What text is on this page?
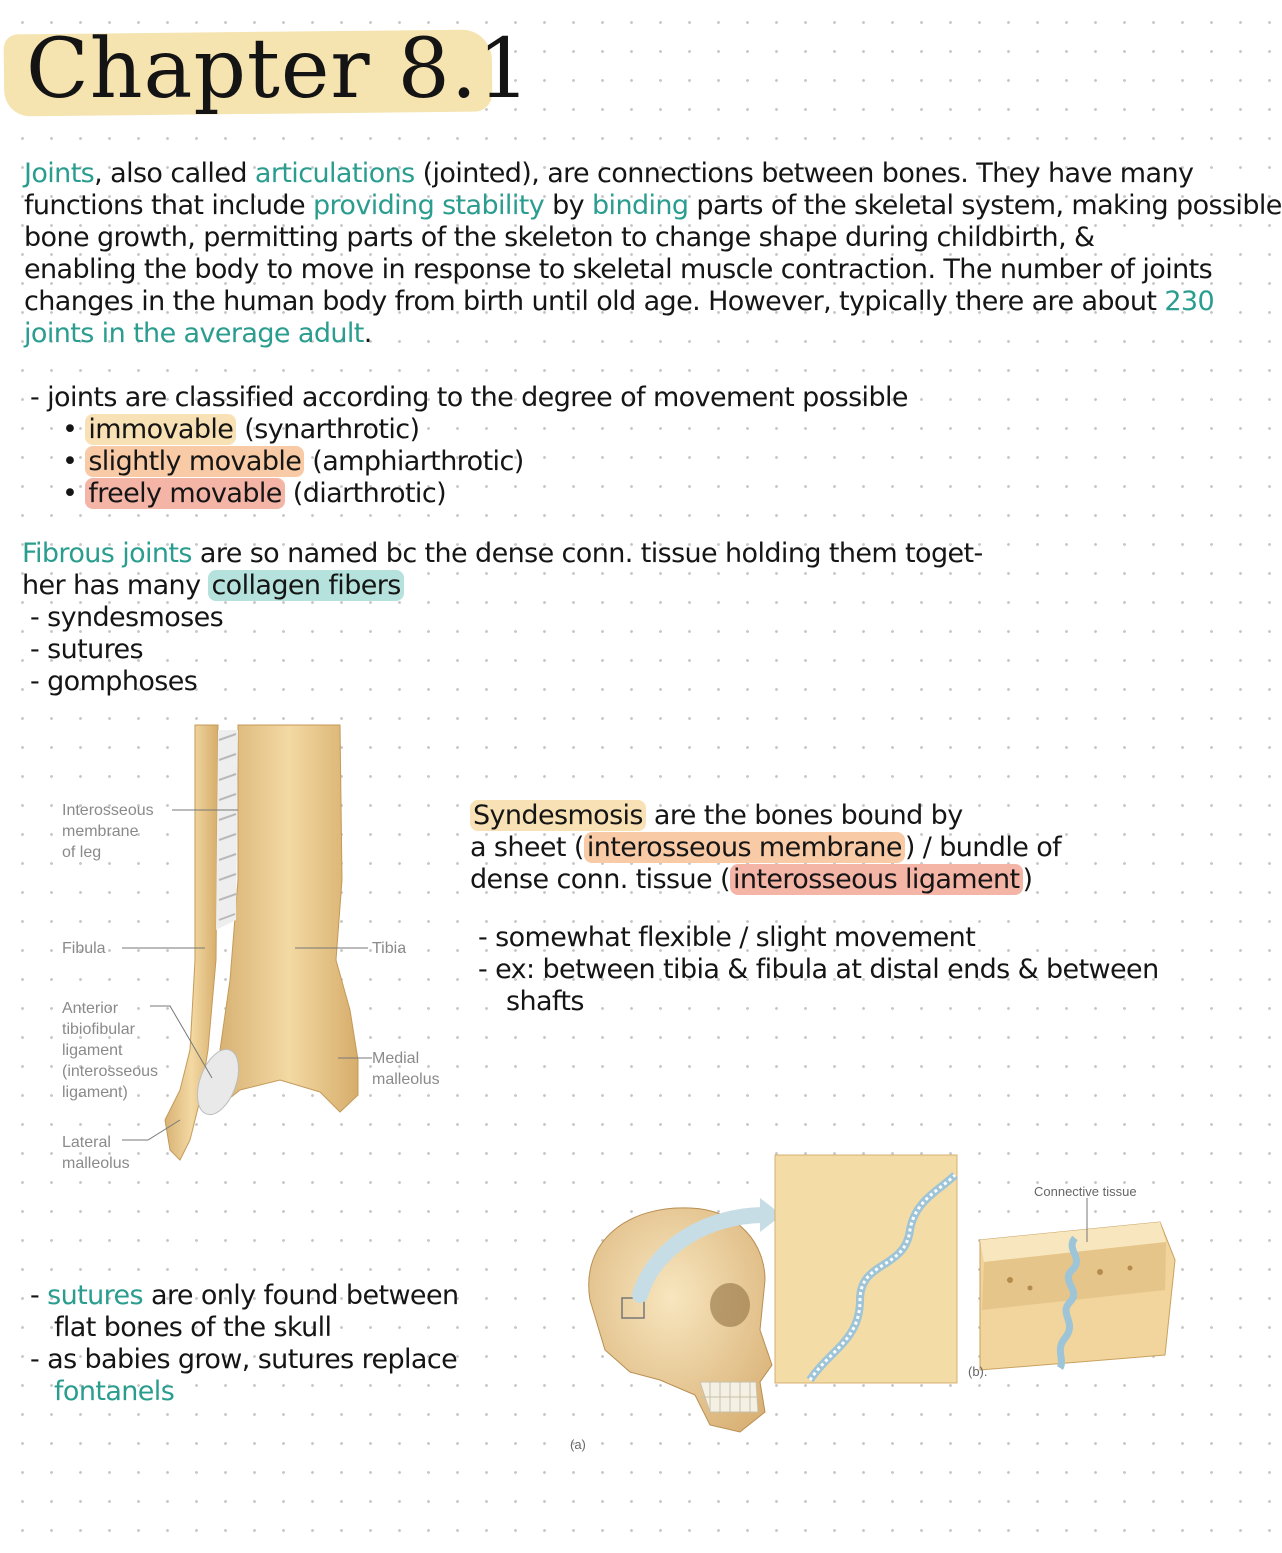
Chapter 8.1
Joints, also called articulations (jointed), are connections between bones. They have many
functions that include providing stability by binding parts of the skeletal system, making possible
bone growth, permitting parts of the skeleton to change shape during childbirth, &
enabling the body to move in response to skeletal muscle contraction. The number of joints
changes in the human body from birth until old age. However, typically there are about 230
joints in the average adult.
- joints are classified according to the degree of movement possible
• immovable (synarthrotic)
• slightly movable (amphiarthrotic)
• freely movable (diarthrotic)
Fibrous joints are so named bc the dense conn. tissue holding them toget-
her has many collagen fibers
- syndesmoses
- sutures
- gomphoses
Interosseous
membrane
of leg
Fibula	Tibia
Anterior
tibiofibular
ligament
(interosseous
ligament)
Medial
malleolus
Lateral
malleolus
Syndesmosis are the bones bound by
a sheet ( interosseous membrane ) / bundle of
dense conn. tissue ( interosseous ligament )
- somewhat flexible / slight movement
- ex: between tibia & fibula at distal ends & between
shafts
- sutures are only found between
flat bones of the skull
- as babies grow, sutures replace
fontanels
Connective tissue
(b).
(a)
